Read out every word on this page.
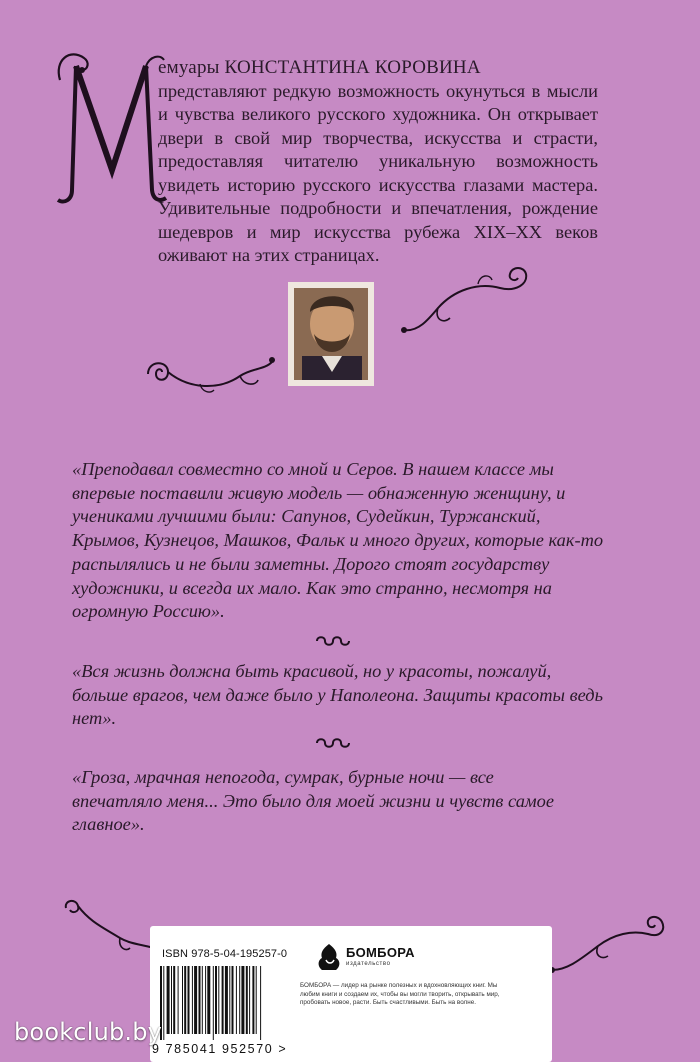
емуары КОНСТАНТИНА КОРОВИНА
представляют редкую возможность окунуться в мысли и чувства великого русского художника. Он открывает двери в свой мир творчества, искусства и страсти, предоставляя читателю уникальную возможность увидеть историю русского искусства глазами мастера. Удивительные подробности и впечатления, рождение шедевров и мир искусства рубежа XIX–XX веков оживают на этих страницах.

«Преподавал совместно со мной и Серов. В нашем классе мы впервые поставили живую модель — обнаженную женщину, и учениками лучшими были: Сапунов, Судейкин, Туржанский, Крымов, Кузнецов, Машков, Фальк и много других, которые как-то распылялись и не были заметны. Дорого стоят государству художники, и всегда их мало. Как это странно, несмотря на огромную Россию».

«Вся жизнь должна быть красивой, но у красоты, пожалуй, больше врагов, чем даже было у Наполеона. Защиты красоты ведь нет».

«Гроза, мрачная непогода, сумрак, бурные ночи — все впечатляло меня... Это было для моей жизни и чувств самое главное».

ISBN 978-5-04-195257-0
9 785041 952570 >
БОМБОРА
издательство
БОМБОРА — лидер на рынке полезных и вдохновляющих книг. Мы любим книги и создаем их, чтобы вы могли творить, открывать мир, пробовать новое, расти. Быть счастливыми. Быть на волне.
bookclub.by
